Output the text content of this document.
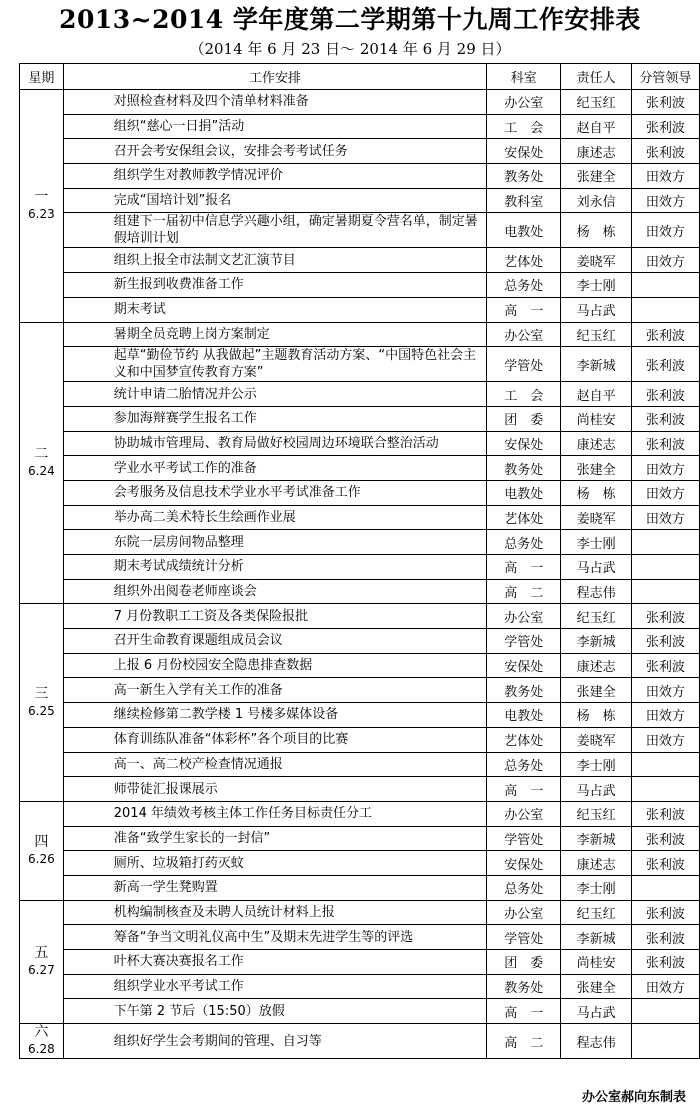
2013~2014 学年度第二学期第十九周工作安排表
（2014 年 6 月 23 日～ 2014 年 6 月 29 日）
星期	工作安排	科室	责任人	分管领导

一
6.23	对照检查材料及四个清单材料准备	办公室	纪玉红	张利波
	组织“慈心一日捐”活动	工　会	赵自平	张利波
	召开会考安保组会议，安排会考考试任务	安保处	康述志	张利波
	组织学生对教师教学情况评价	教务处	张建全	田效方
	完成“国培计划”报名	教科室	刘永信	田效方
	组建下一届初中信息学兴趣小组，确定暑期夏令营名单，制定暑假培训计划	电教处	杨　栋	田效方
	组织上报全市法制文艺汇演节目	艺体处	姜晓军	田效方
	新生报到收费准备工作	总务处	李士刚	
	期末考试	高　一	马占武	

二
6.24	暑期全员竞聘上岗方案制定	办公室	纪玉红	张利波
	起草“勤俭节约 从我做起”主题教育活动方案、“中国特色社会主义和中国梦宣传教育方案”	学管处	李新城	张利波
	统计申请二胎情况并公示	工　会	赵自平	张利波
	参加海辩赛学生报名工作	团　委	尚桂安	张利波
	协助城市管理局、教育局做好校园周边环境联合整治活动	安保处	康述志	张利波
	学业水平考试工作的准备	教务处	张建全	田效方
	会考服务及信息技术学业水平考试准备工作	电教处	杨　栋	田效方
	举办高二美术特长生绘画作业展	艺体处	姜晓军	田效方
	东院一层房间物品整理	总务处	李士刚	
	期末考试成绩统计分析	高　一	马占武	
	组织外出阅卷老师座谈会	高　二	程志伟	

三
6.25	7 月份教职工工资及各类保险报批	办公室	纪玉红	张利波
	召开生命教育课题组成员会议	学管处	李新城	张利波
	上报 6 月份校园安全隐患排查数据	安保处	康述志	张利波
	高一新生入学有关工作的准备	教务处	张建全	田效方
	继续检修第二教学楼 1 号楼多媒体设备	电教处	杨　栋	田效方
	体育训练队准备“体彩杯”各个项目的比赛	艺体处	姜晓军	田效方
	高一、高二校产检查情况通报	总务处	李士刚	
	师带徒汇报课展示	高　一	马占武	

四
6.26	2014 年绩效考核主体工作任务目标责任分工	办公室	纪玉红	张利波
	准备“致学生家长的一封信”	学管处	李新城	张利波
	厕所、垃圾箱打药灭蚊	安保处	康述志	张利波
	新高一学生凳购置	总务处	李士刚	

五
6.27	机构编制核查及未聘人员统计材料上报	办公室	纪玉红	张利波
	筹备“争当文明礼仪高中生”及期末先进学生等的评选	学管处	李新城	张利波
	叶杯大赛决赛报名工作	团　委	尚桂安	张利波
	组织学业水平考试工作	教务处	张建全	田效方
	下午第 2 节后（15:50）放假	高　一	马占武	

六
6.28	组织好学生会考期间的管理、自习等	高　二	程志伟	
办公室郝向东制表
